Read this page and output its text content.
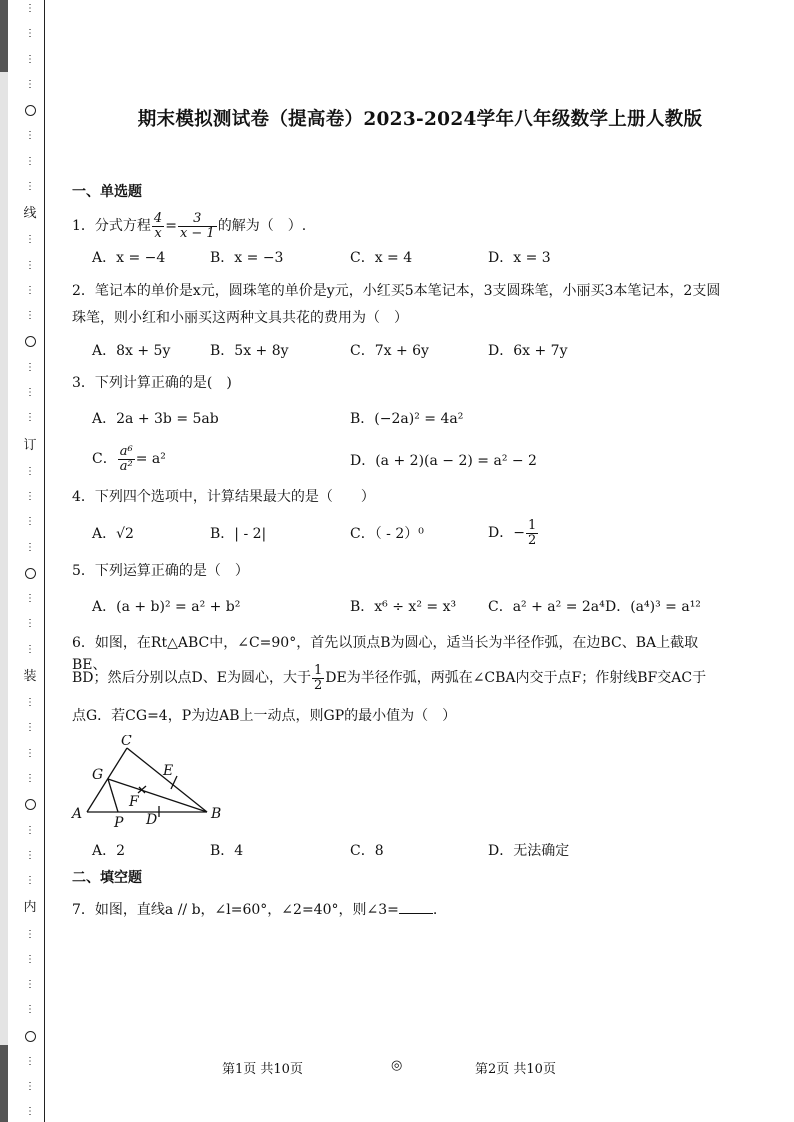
⋮
⋮
⋮
⋮
⋮
⋮
⋮
线
⋮
⋮
⋮
⋮
⋮
⋮
⋮
订
⋮
⋮
⋮
⋮
⋮
⋮
⋮
装
⋮
⋮
⋮
⋮
⋮
⋮
⋮
内
⋮
⋮
⋮
⋮
⋮
⋮
⋮
期末模拟测试卷（提高卷）2023-2024学年八年级数学上册人教版
一、单选题
1．分式方程 $\frac{4}{x} = \frac{3}{x - 1}$ 的解为（　）.
A．x = −4	B．x = −3	C．x = 4	D．x = 3
2．笔记本的单价是x元，圆珠笔的单价是y元，小红买5本笔记本，3支圆珠笔，小丽买3本笔记本，2支圆珠笔，则小红和小丽买这两种文具共花的费用为（　）
A．8x + 5y	B．5x + 8y	C．7x + 6y	D．6x + 7y
3．下列计算正确的是(　)
A．2a + 3b = 5ab	B．(−2a)² = 4a²
C． $\frac{\text{a⁶}}{\text{a²}} = a^2$	D．(a + 2)(a − 2) = a² − 2
4．下列四个选项中，计算结果最大的是（　　）
A．√2	B．| - 2|	C．（ - 2）⁰	D．− $\frac{1}{2}$
5．下列运算正确的是（　）
A．(a + b)² = a² + b²	B．x⁶ ÷ x² = x³ C．a² + a² = 2a⁴ D．(a⁴)³ = a¹²
6．如图，在Rt△ABC中，∠C=90°，首先以顶点B为圆心，适当长为半径作弧，在边BC、BA上截取BE、
BD；然后分别以点D、E为圆心，大于 $\frac{1}{2}$ DE为半径作弧，两弧在∠CBA内交于点F；作射线BF交AC于
点G．若CG=4，P为边AB上一动点，则GP的最小值为（　）
C
G	E
F
A
P D	B
A．2	B．4	C．8	D．无法确定
二、填空题
7．如图，直线a // b，∠l=60°，∠2=40°，则∠3= .
第1页 共10页	◎	第2页 共10页
